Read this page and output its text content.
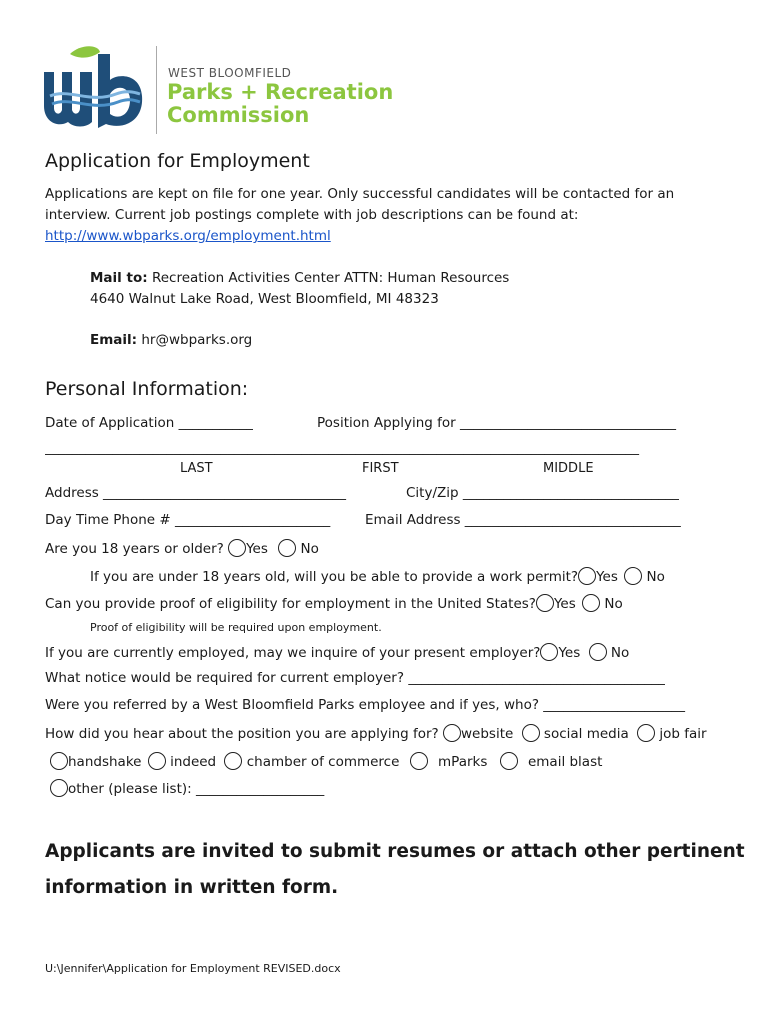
WEST BLOOMFIELD
Parks + Recreation
Commission
Application for Employment
Applications are kept on file for one year. Only successful candidates will be contacted for an
interview. Current job postings complete with job descriptions can be found at:
http://www.wbparks.org/employment.html
Mail to: Recreation Activities Center ATTN: Human Resources
4640 Walnut Lake Road, West Bloomfield, MI 48323
Email: hr@wbparks.org
Personal Information:
Date of Application ___________	Position Applying for ________________________________
________________________________________________________________________________________
LAST	FIRST	MIDDLE
Address ____________________________________	City/Zip ________________________________
Day Time Phone # _______________________	Email Address ________________________________
Are you 18 years or older? Yes No
If you are under 18 years old, will you be able to provide a work permit? Yes No
Can you provide proof of eligibility for employment in the United States? Yes No
Proof of eligibility will be required upon employment.
If you are currently employed, may we inquire of your present employer? Yes No
What notice would be required for current employer? ______________________________________
Were you referred by a West Bloomfield Parks employee and if yes, who? _____________________
How did you hear about the position you are applying for? website social media job fair
handshake indeed chamber of commerce	mParks	email blast
other (please list): ___________________
Applicants are invited to submit resumes or attach other pertinent
information in written form.
U:\Jennifer\Application for Employment REVISED.docx
